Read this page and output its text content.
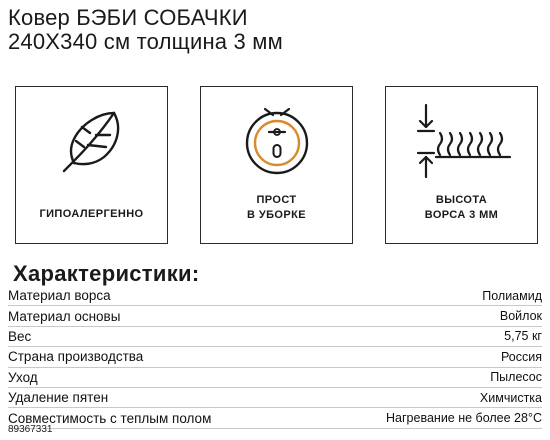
Ковер БЭБИ СОБАЧКИ
240X340 см толщина 3 мм
ГИПОАЛЕРГЕННО
ПРОСТ
В УБОРКЕ
ВЫСОТА
ВОРСА 3 ММ
Характеристики:
Материал ворса	Полиамид
Материал основы	Войлок
Вес	5,75 кг
Страна производства	Россия
Уход	Пылесос
Удаление пятен	Химчистка
Совместимость с теплым полом	Нагревание не более 28°C
89367331
